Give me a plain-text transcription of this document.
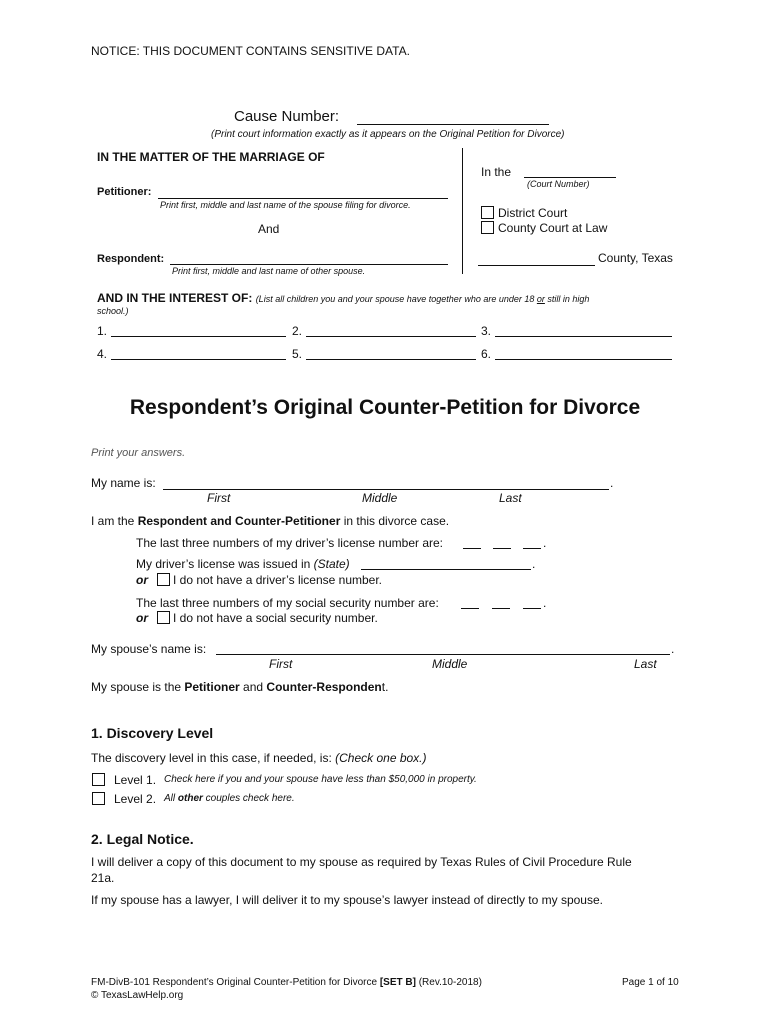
NOTICE: THIS DOCUMENT CONTAINS SENSITIVE DATA.
Cause Number:
(Print court information exactly as it appears on the Original Petition for Divorce)
IN THE MATTER OF THE MARRIAGE OF
Petitioner:
Print first, middle and last name of the spouse filing for divorce.
And
Respondent:
Print first, middle and last name of other spouse.
In the
(Court Number)
District Court
County Court at Law
County, Texas
AND IN THE INTEREST OF: (List all children you and your spouse have together who are under 18 or still in high
school.)
1.	2.	3.
4.	5.	6.
Respondent’s Original Counter-Petition for Divorce
Print your answers.
My name is:	.
First	Middle	Last
I am the Respondent and Counter-Petitioner in this divorce case.
The last three numbers of my driver’s license number are:	.
My driver’s license was issued in (State)	.
or I do not have a driver’s license number.
The last three numbers of my social security number are:	.
or I do not have a social security number.
My spouse’s name is:	.
First	Middle	Last
My spouse is the Petitioner and Counter-Respondent.
1. Discovery Level
The discovery level in this case, if needed, is: (Check one box.)
Level 1. Check here if you and your spouse have less than $50,000 in property.
Level 2. All other couples check here.
2. Legal Notice.
I will deliver a copy of this document to my spouse as required by Texas Rules of Civil Procedure Rule
21a.
If my spouse has a lawyer, I will deliver it to my spouse’s lawyer instead of directly to my spouse.
FM-DivB-101 Respondent’s Original Counter-Petition for Divorce [SET B] (Rev.10-2018)
© TexasLawHelp.org
Page 1 of 10
